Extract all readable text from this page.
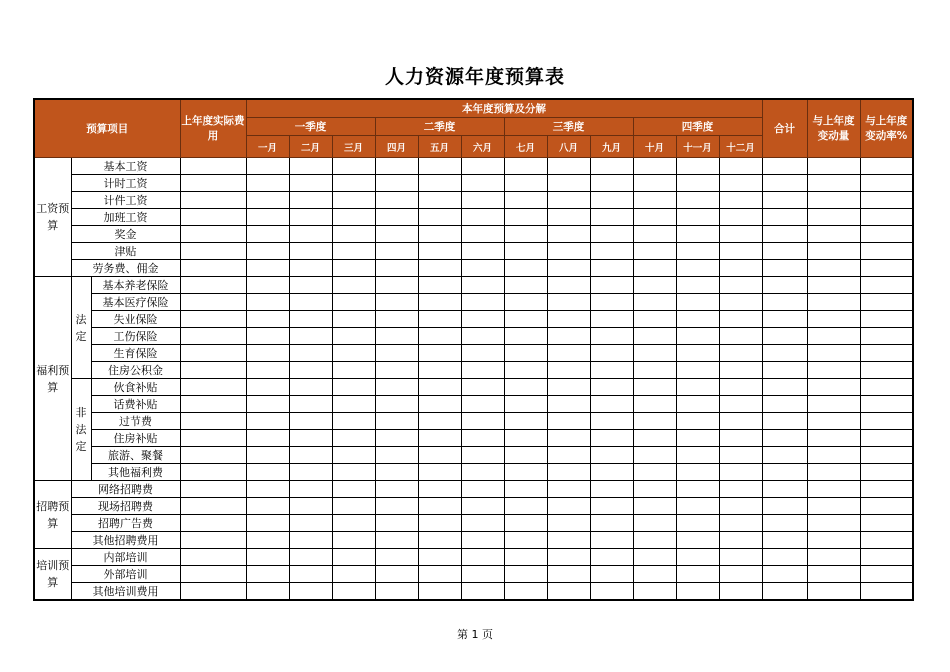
人力资源年度预算表
预算项目			上年度实际费用	本年度预算及分解												合计	与上年度变动量	与上年度变动率%
				一季度			二季度			三季度			四季度					
				一月	二月	三月	四月	五月	六月	七月	八月	九月	十月	十一月	十二月			
工资预算	基本工资																	
	计时工资																	
	计件工资																	
	加班工资																	
	奖金																	
	津贴																	
	劳务费、佣金																	
福利预算	法定	基本养老保险																
		基本医疗保险																
		失业保险																
		工伤保险																
		生育保险																
		住房公积金																
	非法定	伙食补贴																
		话费补贴																
		过节费																
		住房补贴																
		旅游、聚餐																
		其他福利费																
招聘预算	网络招聘费																	
	现场招聘费																	
	招聘广告费																	
	其他招聘费用																	
培训预算	内部培训																	
	外部培训																	
	其他培训费用																	
第 1 页
